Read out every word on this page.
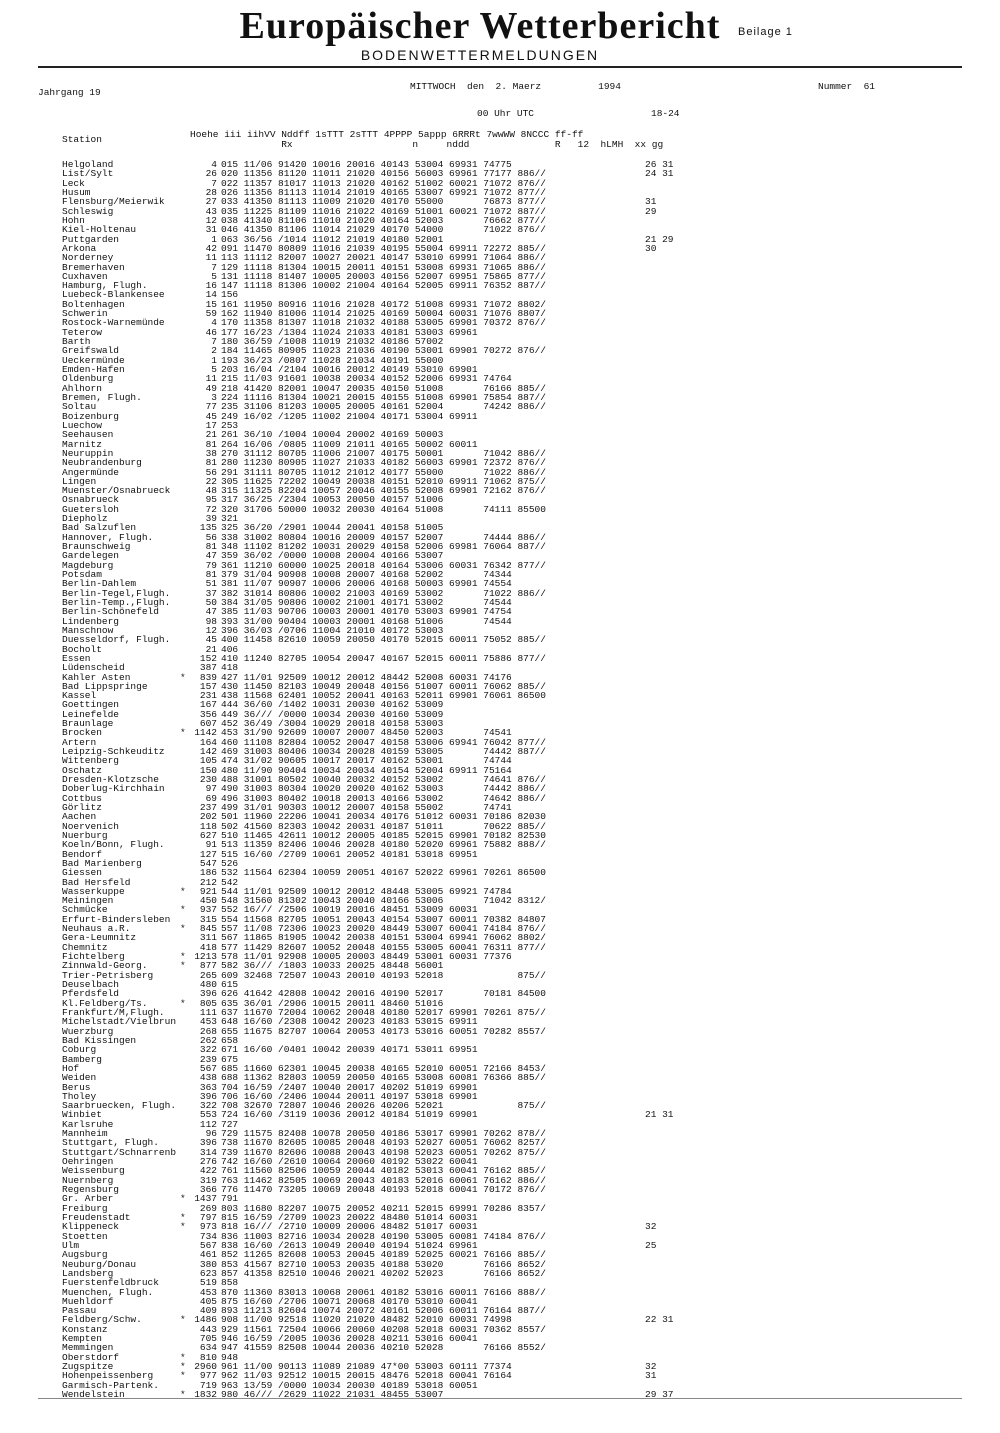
Europäischer Wetterbericht	Beilage 1
BODENWETTERMELDUNGEN
Jahrgang 19
MITTWOCH  den  2. Maerz          1994	Nummer  61
00 Uhr UTC	18-24
Station	Hoehe iii iihVV Nddff 1sTTT 2sTTT 4PPPP 5appp 6RRRt 7wwWW 8NCCC ff-ff
Rx                     n     nddd               R   12  hLMH  xx gg
Helgoland	4 015 11/06 91420 10016 20016 40143 53004 69931 74775	26 31
List/Sylt	26 020 11356 81120 11011 21020 40156 56003 69961 77177 886//	24 31
Leck	7 022 11357 81017 11013 21020 40162 51002 60021 71072 876//
Husum	28 026 11356 81113 11014 21019 40165 53007 69921 71072 877//
Flensburg/Meierwik	27 033 41350 81113 11009 21020 40170 55000       76873 877//	31
Schleswig	43 035 11225 81109 11016 21022 40169 51001 60021 71072 887//	29
Hohn	12 038 41340 81106 11010 21020 40164 52003       76662 877//
Kiel-Holtenau	31 046 41350 81106 11014 21029 40170 54000       71022 876//
Puttgarden	1 063 36/56 /1014 11012 21019 40180 52001	21 29
Arkona	42 091 11470 80809 11016 21039 40195 55004 69911 72272 885//	30
Norderney	11 113 11112 82007 10027 20021 40147 53010 69991 71064 886//
Bremerhaven	7 129 11118 81304 10015 20011 40151 53008 69931 71065 886//
Cuxhaven	5 131 11118 81407 10005 20003 40156 52007 69951 75865 877//
Hamburg, Flugh.	16 147 11118 81306 10002 21004 40164 52005 69911 76352 887//
Luebeck-Blankensee	14 156
Boltenhagen	15 161 11950 80916 11016 21028 40172 51008 69931 71072 8802/
Schwerin	59 162 11940 81006 11014 21025 40169 50004 60031 71076 8807/
Rostock-Warnemünde	4 170 11358 81307 11018 21032 40188 53005 69901 70372 876//
Teterow	46 177 16/23 /1304 11024 21033 40181 53003 69961
Barth	7 180 36/59 /1008 11019 21032 40186 57002
Greifswald	2 184 11465 80905 11023 21036 40190 53001 69901 70272 876//
Ueckermünde	1 193 36/23 /0807 11028 21034 40191 55000
Emden-Hafen	5 203 16/04 /2104 10016 20012 40149 53010 69901
Oldenburg	11 215 11/03 91601 10038 20034 40152 52006 69931 74764
Ahlhorn	49 218 41420 82001 10047 20035 40150 51008       76166 885//
Bremen, Flugh.	3 224 11116 81304 10021 20015 40155 51008 69901 75854 887//
Soltau	77 235 31106 81203 10005 20005 40161 52004       74242 886//
Boizenburg	45 249 16/02 /1205 11002 21004 40171 53004 69911
Luechow	17 253
Seehausen	21 261 36/10 /1004 10004 20002 40169 50003
Marnitz	81 264 16/06 /0805 11009 21011 40165 50002 60011
Neuruppin	38 270 31112 80705 11006 21007 40175 50001       71042 886//
Neubrandenburg	81 280 11230 80905 11027 21033 40182 56003 69901 72372 876//
Angermünde	56 291 31111 80705 11012 21012 40177 55000       71022 886//
Lingen	22 305 11625 72202 10049 20038 40151 52010 69911 71062 875//
Muenster/Osnabrueck	48 315 11325 82204 10057 20046 40155 52008 69901 72162 876//
Osnabrueck	95 317 36/25 /2304 10053 20050 40157 51006
Guetersloh	72 320 31706 50000 10032 20030 40164 51008       74111 85500
Diepholz	39 321
Bad Salzuflen	135 325 36/20 /2901 10044 20041 40158 51005
Hannover, Flugh.	56 338 31002 80804 10016 20009 40157 52007       74444 886//
Braunschweig	81 348 11102 81202 10031 20029 40158 52006 69981 76064 887//
Gardelegen	47 359 36/02 /0000 10008 20004 40166 53007
Magdeburg	79 361 11210 60000 10025 20018 40164 53006 60031 76342 877//
Potsdam	81 379 31/04 90908 10008 20007 40168 52002       74344
Berlin-Dahlem	51 381 11/07 90907 10006 20006 40168 50003 69901 74554
Berlin-Tegel,Flugh.	37 382 31014 80806 10002 21003 40169 53002       71022 886//
Berlin-Temp.,Flugh.	50 384 31/05 90806 10002 21001 40171 53002       74544
Berlin-Schönefeld	47 385 11/03 90706 10003 20001 40170 53003 69901 74754
Lindenberg	98 393 31/00 90404 10003 20001 40168 51006       74544
Manschnow	12 396 36/03 /0706 11004 21010 40172 53003
Duesseldorf, Flugh.	45 400 11458 82610 10059 20050 40170 52015 60011 75052 885//
Bocholt	21 406
Essen	152 410 11240 82705 10054 20047 40167 52015 60011 75886 877//
Lüdenscheid	387 418
Kahler Asten	*	839 427 11/01 92509 10012 20012 48442 52008 60031 74176
Bad Lippspringe	157 430 11450 82103 10049 20048 40156 51007 60011 76062 885//
Kassel	231 438 11568 62401 10052 20041 40163 52011 69901 76061 86500
Goettingen	167 444 36/60 /1402 10031 20030 40162 53009
Leinefelde	356 449 36/// /0000 10034 20030 40160 53009
Braunlage	607 452 36/49 /3004 10029 20018 40158 53003
Brocken	* 1142 453 31/90 92609 10007 20007 48450 52003       74541
Artern	164 460 11108 82804 10052 20047 40158 53006 69941 76042 877//
Leipzig-Schkeuditz	142 469 31003 80406 10034 20028 40159 53005       74442 887//
Wittenberg	105 474 31/02 90605 10017 20017 40162 53001       74744
Oschatz	150 480 11/90 90404 10034 20034 40154 52004 69911 75164
Dresden-Klotzsche	230 488 31001 80502 10040 20032 40152 53002       74641 876//
Doberlug-Kirchhain	97 490 31003 80304 10020 20020 40162 53003       74442 886//
Cottbus	69 496 31003 80402 10018 20013 40166 53002       74642 886//
Görlitz	237 499 31/01 90303 10012 20007 40158 55002       74741
Aachen	202 501 11960 22206 10041 20034 40176 51012 60031 70186 82030
Noervenich	118 502 41560 82303 10042 20031 40187 51011       70622 885//
Nuerburg	627 510 11465 42611 10012 20005 40185 52015 69901 70182 82530
Koeln/Bonn, Flugh.	91 513 11359 82406 10046 20028 40180 52020 69961 75882 888//
Bendorf	127 515 16/60 /2709 10061 20052 40181 53018 69951
Bad Marienberg	547 526
Giessen	186 532 11564 62304 10059 20051 40167 52022 69961 70261 86500
Bad Hersfeld	212 542
Wasserkuppe	*	921 544 11/01 92509 10012 20012 48448 53005 69921 74784
Meiningen	450 548 31560 81302 10043 20040 40166 53006       71042 8312/
Schmücke	*	937 552 16/// /2506 10019 20016 48451 53009 60031
Erfurt-Bindersleben	315 554 11568 82705 10051 20043 40154 53007 60011 70382 84807
Neuhaus a.R.	*	845 557 11/08 72306 10023 20020 48449 53007 60041 74184 876//
Gera-Leumnitz	311 567 11865 81905 10042 20038 40151 53004 69941 76062 8802/
Chemnitz	418 577 11429 82607 10052 20048 40155 53005 60041 76311 877//
Fichtelberg	* 1213 578 11/01 92908 10005 20003 48449 53001 60031 77376
Zinnwald-Georg.	*	877 582 36/// /1803 10033 20025 48448 56001
Trier-Petrisberg	265 609 32468 72507 10043 20010 40193 52018             875//
Deuselbach	480 615
Pferdsfeld	396 626 41642 42808 10042 20016 40190 52017       70181 84500
Kl.Feldberg/Ts.	*	805 635 36/01 /2906 10015 20011 48460 51016
Frankfurt/M,Flugh.	111 637 11670 72004 10062 20048 40180 52017 69901 70261 875//
Michelstadt/Vielbrun	453 648 16/60 /2308 10042 20023 40183 53015 69911
Wuerzburg	268 655 11675 82707 10064 20053 40173 53016 60051 70282 8557/
Bad Kissingen	262 658
Coburg	322 671 16/60 /0401 10042 20039 40171 53011 69951
Bamberg	239 675
Hof	567 685 11660 62301 10045 20038 40165 52010 60051 72166 8453/
Weiden	438 688 11362 82803 10059 20050 40165 53008 60081 76366 885//
Berus	363 704 16/59 /2407 10040 20017 40202 51019 69901
Tholey	396 706 16/60 /2406 10044 20011 40197 53018 69901
Saarbruecken, Flugh.	322 708 32670 72807 10046 20026 40206 52021             875//
Winbiet	553 724 16/60 /3119 10036 20012 40184 51019 69901	21 31
Karlsruhe	112 727
Mannheim	96 729 11575 82408 10078 20050 40186 53017 69901 70262 878//
Stuttgart, Flugh.	396 738 11670 82605 10085 20048 40193 52027 60051 76062 8257/
Stuttgart/Schnarrenb	314 739 11670 82606 10088 20043 40198 52023 60051 70262 875//
Oehringen	276 742 16/60 /2610 10064 20060 40192 53022 60041
Weissenburg	422 761 11560 82506 10059 20044 40182 53013 60041 76162 885//
Nuernberg	319 763 11462 82505 10069 20043 40183 52016 60061 76162 886//
Regensburg	366 776 11470 73205 10069 20048 40193 52018 60041 70172 876//
Gr. Arber	* 1437 791
Freiburg	269 803 11680 82207 10075 20052 40211 52015 69991 70286 8357/
Freudenstadt	*	797 815 16/59 /2709 10023 20022 48480 51014 60031
Klippeneck	*	973 818 16/// /2710 10009 20006 48482 51017 60031	32
Stoetten	734 836 11003 82716 10034 20028 40190 53005 60081 74184 876//
Ulm	567 838 16/60 /2613 10049 20040 40194 51024 69961	25
Augsburg	461 852 11265 82608 10053 20045 40189 52025 60021 76166 885//
Neuburg/Donau	380 853 41567 82710 10053 20035 40188 53020       76166 8652/
Landsberg	623 857 41358 82510 10046 20021 40202 52023       76166 8652/
Fuerstenfeldbruck	519 858
Muenchen, Flugh.	453 870 11360 83013 10068 20061 40182 53016 60011 76166 888//
Muehldorf	405 875 16/60 /2706 10071 20068 40170 53010 60041
Passau	409 893 11213 82604 10074 20072 40161 52006 60011 76164 887//
Feldberg/Schw.	* 1486 908 11/00 92518 11020 21020 48482 52010 60031 74998	22 31
Konstanz	443 929 11561 72504 10066 20060 40208 52018 60031 70362 8557/
Kempten	705 946 16/59 /2005 10036 20028 40211 53016 60041
Memmingen	634 947 41559 82508 10044 20036 40210 52028       76166 8552/
Oberstdorf	*	810 948
Zugspitze	* 2960 961 11/00 90113 11089 21089 47*00 53003 60111 77374	32
Hohenpeissenberg	*	977 962 11/03 92512 10015 20015 48476 52018 60041 76164	31
Garmisch-Partenk.	719 963 13/59 /0000 10034 20030 40189 53018 60051
Wendelstein	* 1832 980 46/// /2629 11022 21031 48455 53007	29 37
